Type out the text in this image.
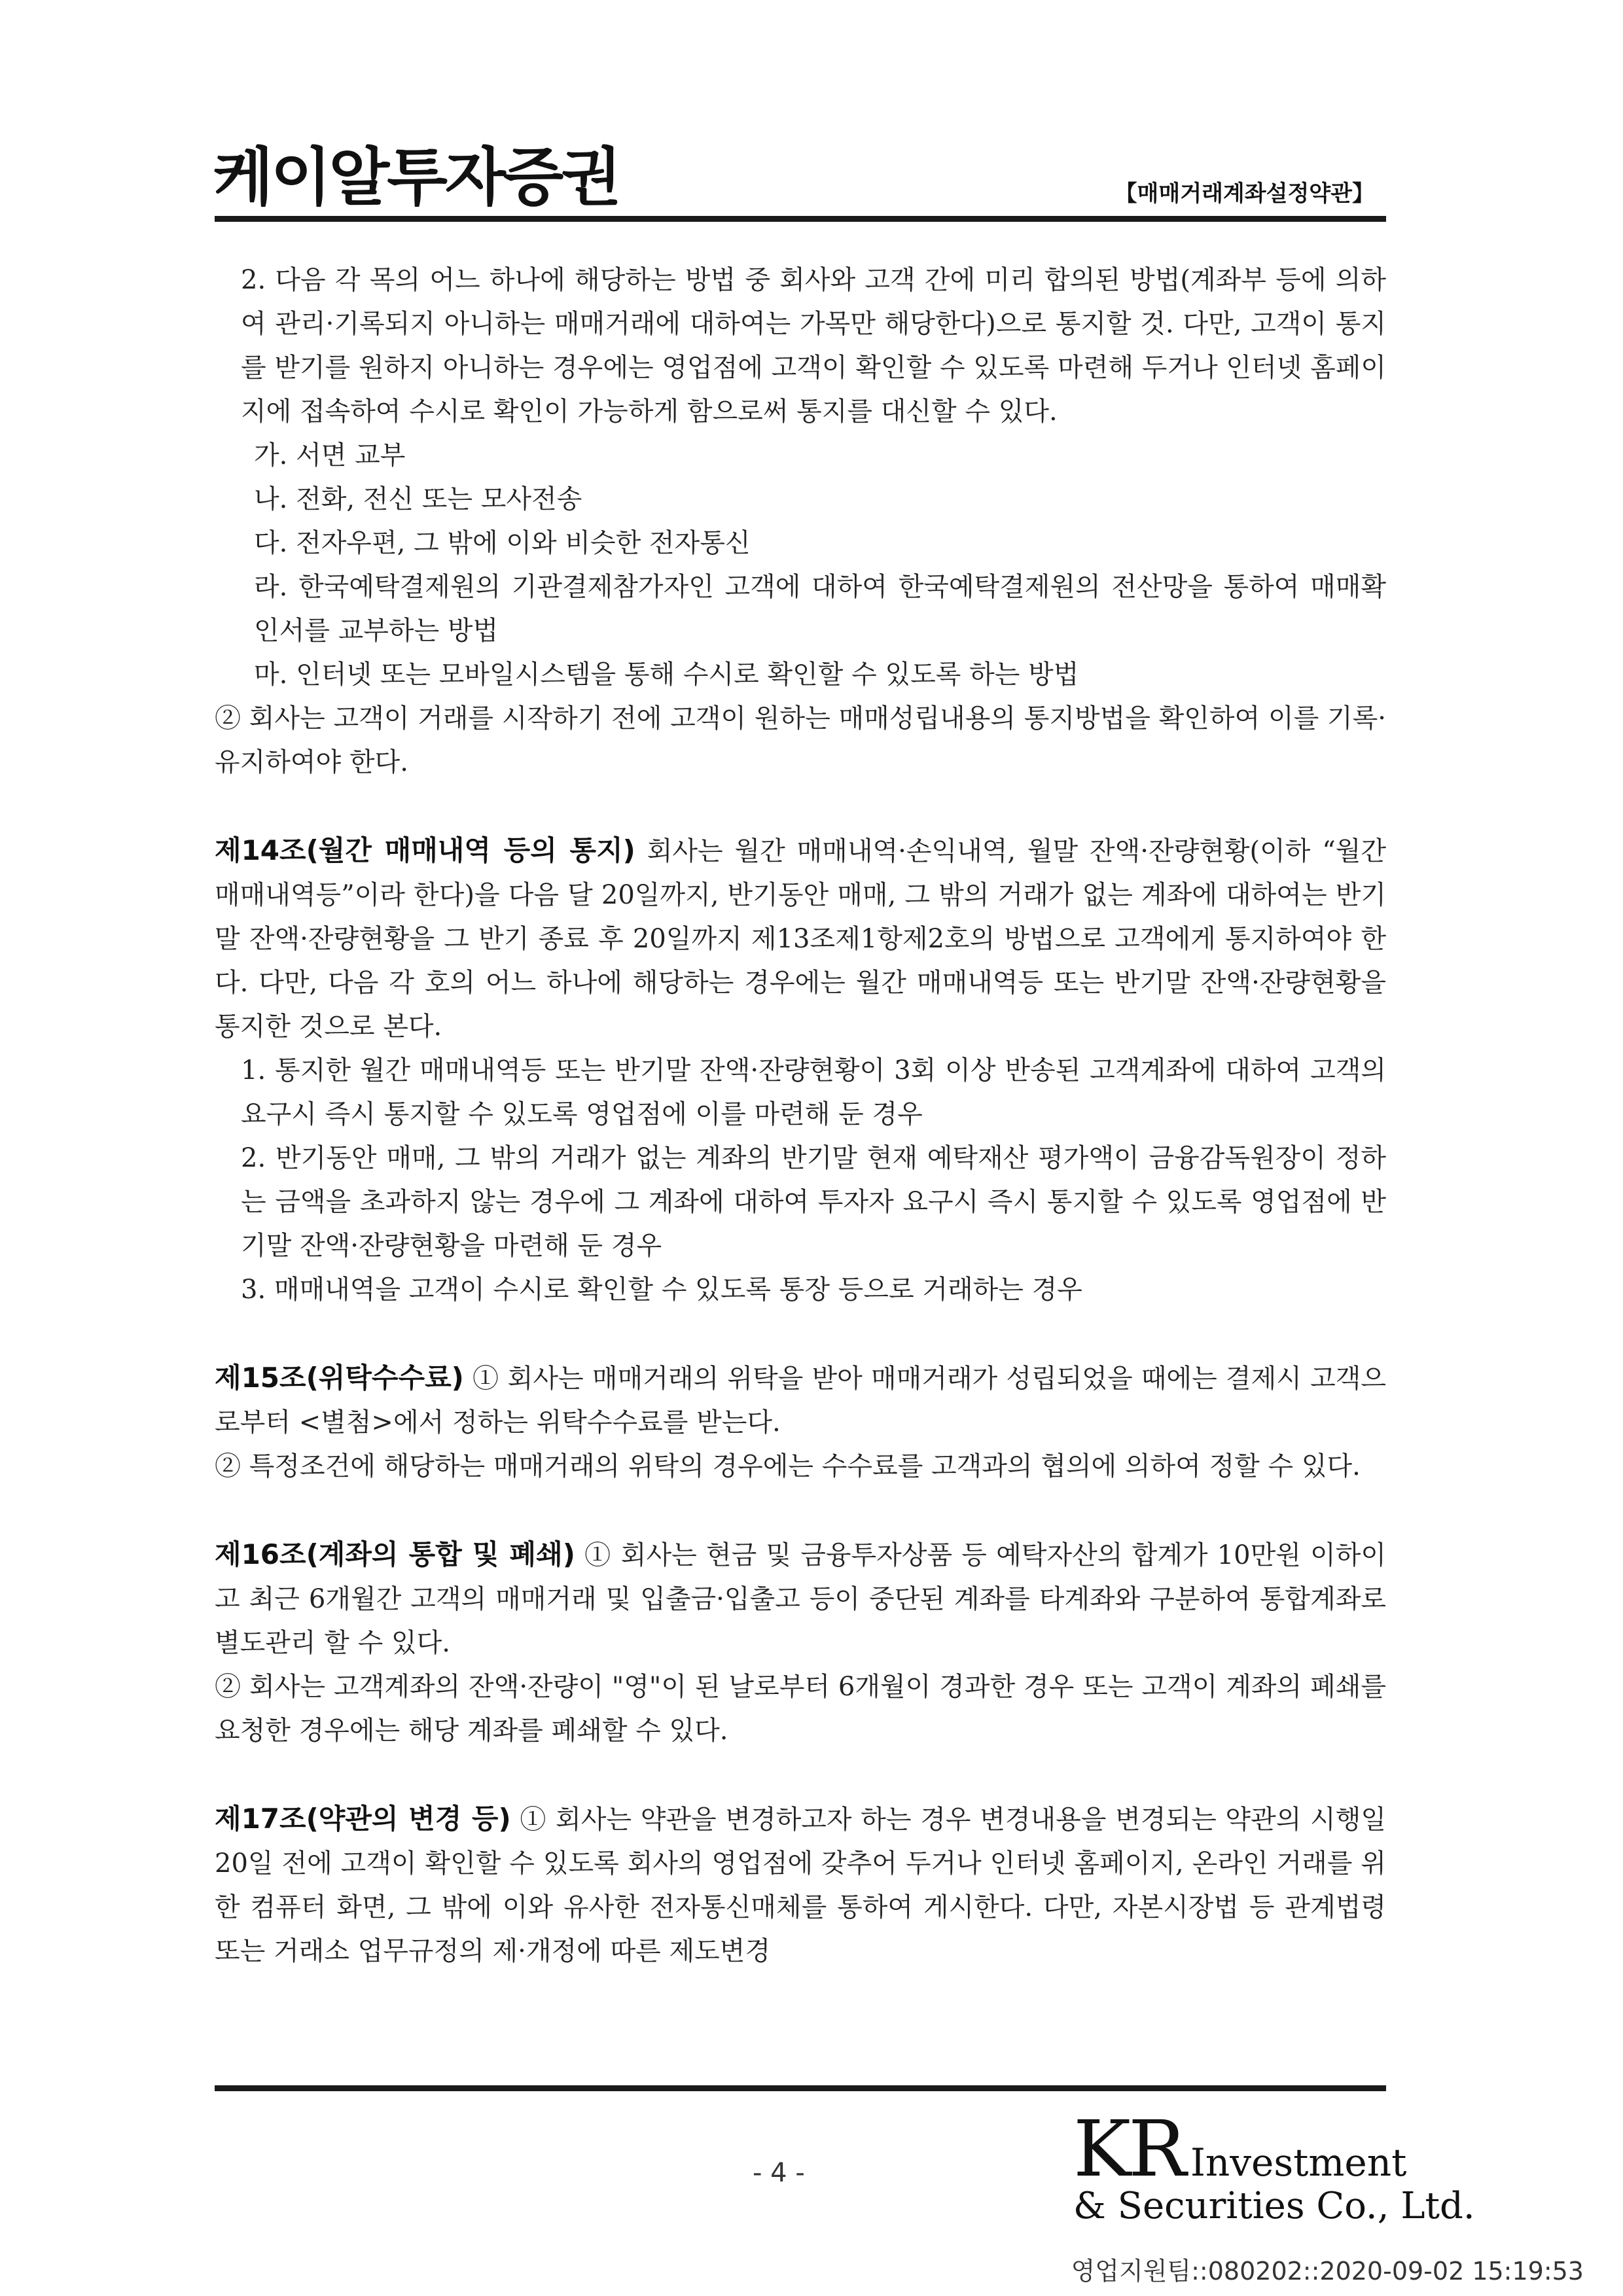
케이알투자증권	【매매거래계좌설정약관】

2. 다음 각 목의 어느 하나에 해당하는 방법 중 회사와 고객 간에 미리 합의된 방법(계좌부 등에 의하여 관리·기록되지 아니하는 매매거래에 대하여는 가목만 해당한다)으로 통지할 것. 다만, 고객이 통지를 받기를 원하지 아니하는 경우에는 영업점에 고객이 확인할 수 있도록 마련해 두거나 인터넷 홈페이지에 접속하여 수시로 확인이 가능하게 함으로써 통지를 대신할 수 있다.

가. 서면 교부

나. 전화, 전신 또는 모사전송

다. 전자우편, 그 밖에 이와 비슷한 전자통신

라. 한국예탁결제원의 기관결제참가자인 고객에 대하여 한국예탁결제원의 전산망을 통하여 매매확인서를 교부하는 방법

마. 인터넷 또는 모바일시스템을 통해 수시로 확인할 수 있도록 하는 방법

② 회사는 고객이 거래를 시작하기 전에 고객이 원하는 매매성립내용의 통지방법을 확인하여 이를 기록·유지하여야 한다.

제14조(월간 매매내역 등의 통지) 회사는 월간 매매내역·손익내역, 월말 잔액·잔량현황(이하 “월간 매매내역등”이라 한다)을 다음 달 20일까지, 반기동안 매매, 그 밖의 거래가 없는 계좌에 대하여는 반기말 잔액·잔량현황을 그 반기 종료 후 20일까지 제13조제1항제2호의 방법으로 고객에게 통지하여야 한다. 다만, 다음 각 호의 어느 하나에 해당하는 경우에는 월간 매매내역등 또는 반기말 잔액·잔량현황을 통지한 것으로 본다.

1. 통지한 월간 매매내역등 또는 반기말 잔액·잔량현황이 3회 이상 반송된 고객계좌에 대하여 고객의 요구시 즉시 통지할 수 있도록 영업점에 이를 마련해 둔 경우

2. 반기동안 매매, 그 밖의 거래가 없는 계좌의 반기말 현재 예탁재산 평가액이 금융감독원장이 정하는 금액을 초과하지 않는 경우에 그 계좌에 대하여 투자자 요구시 즉시 통지할 수 있도록 영업점에 반기말 잔액·잔량현황을 마련해 둔 경우

3. 매매내역을 고객이 수시로 확인할 수 있도록 통장 등으로 거래하는 경우

제15조(위탁수수료) ① 회사는 매매거래의 위탁을 받아 매매거래가 성립되었을 때에는 결제시 고객으로부터 <별첨>에서 정하는 위탁수수료를 받는다.

② 특정조건에 해당하는 매매거래의 위탁의 경우에는 수수료를 고객과의 협의에 의하여 정할 수 있다.

제16조(계좌의 통합 및 폐쇄) ① 회사는 현금 및 금융투자상품 등 예탁자산의 합계가 10만원 이하이고 최근 6개월간 고객의 매매거래 및 입출금·입출고 등이 중단된 계좌를 타계좌와 구분하여 통합계좌로 별도관리 할 수 있다.

② 회사는 고객계좌의 잔액·잔량이 "영"이 된 날로부터 6개월이 경과한 경우 또는 고객이 계좌의 폐쇄를 요청한 경우에는 해당 계좌를 폐쇄할 수 있다.

제17조(약관의 변경 등) ① 회사는 약관을 변경하고자 하는 경우 변경내용을 변경되는 약관의 시행일 20일 전에 고객이 확인할 수 있도록 회사의 영업점에 갖추어 두거나 인터넷 홈페이지, 온라인 거래를 위한 컴퓨터 화면, 그 밖에 이와 유사한 전자통신매체를 통하여 게시한다. 다만, 자본시장법 등 관계법령 또는 거래소 업무규정의 제·개정에 따른 제도변경

- 4 -	KR Investment
& Securities Co., Ltd.
영업지원팀::080202::2020-09-02 15:19:53
